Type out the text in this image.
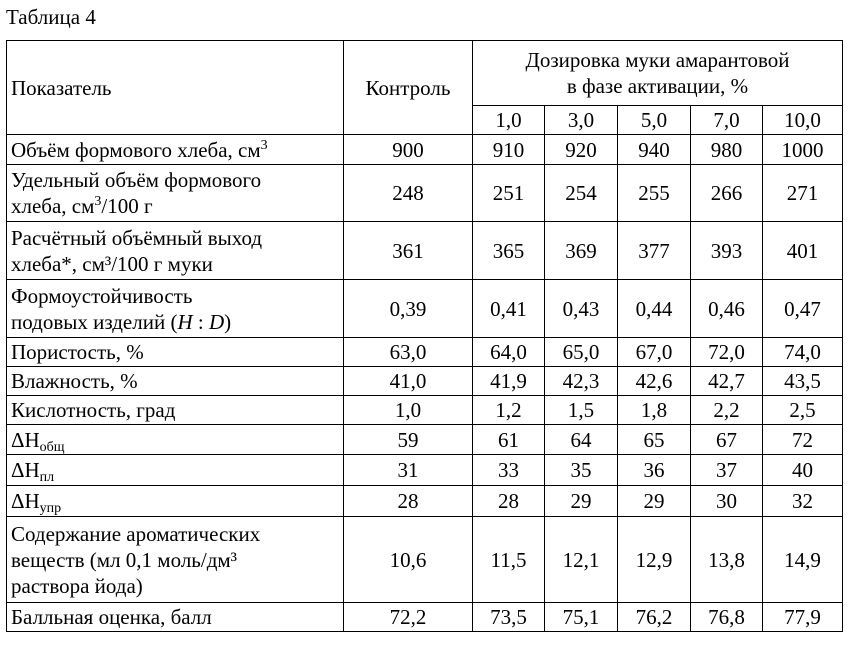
Таблица 4
Показатель	Контроль	Дозировка муки амарантовой
в фазе активации, %				
		1,0	3,0	5,0	7,0	10,0
Объём формового хлеба, $см^3$	900	910	920	940	980	1000
Удельный объём формового
хлеба, $см^3/100$ г	248	251	254	255	266	271
Расчётный объёмный выход
хлеба*, см³/100 г муки	361	365	369	377	393	401
Формоустойчивость
подовых изделий (H : D)	0,39	0,41	0,43	0,44	0,46	0,47
Пористость, %	63,0	64,0	65,0	67,0	72,0	74,0
Влажность, %	41,0	41,9	42,3	42,6	42,7	43,5
Кислотность, град	1,0	1,2	1,5	1,8	2,2	2,5
$\Delta H_{общ}$	59	61	64	65	67	72
$\Delta H_{пл}$	31	33	35	36	37	40
$\Delta H_{упр}$	28	28	29	29	30	32
Содержание ароматических
веществ (мл 0,1 моль/дм³
раствора йода)	10,6	11,5	12,1	12,9	13,8	14,9
Балльная оценка, балл	72,2	73,5	75,1	76,2	76,8	77,9
